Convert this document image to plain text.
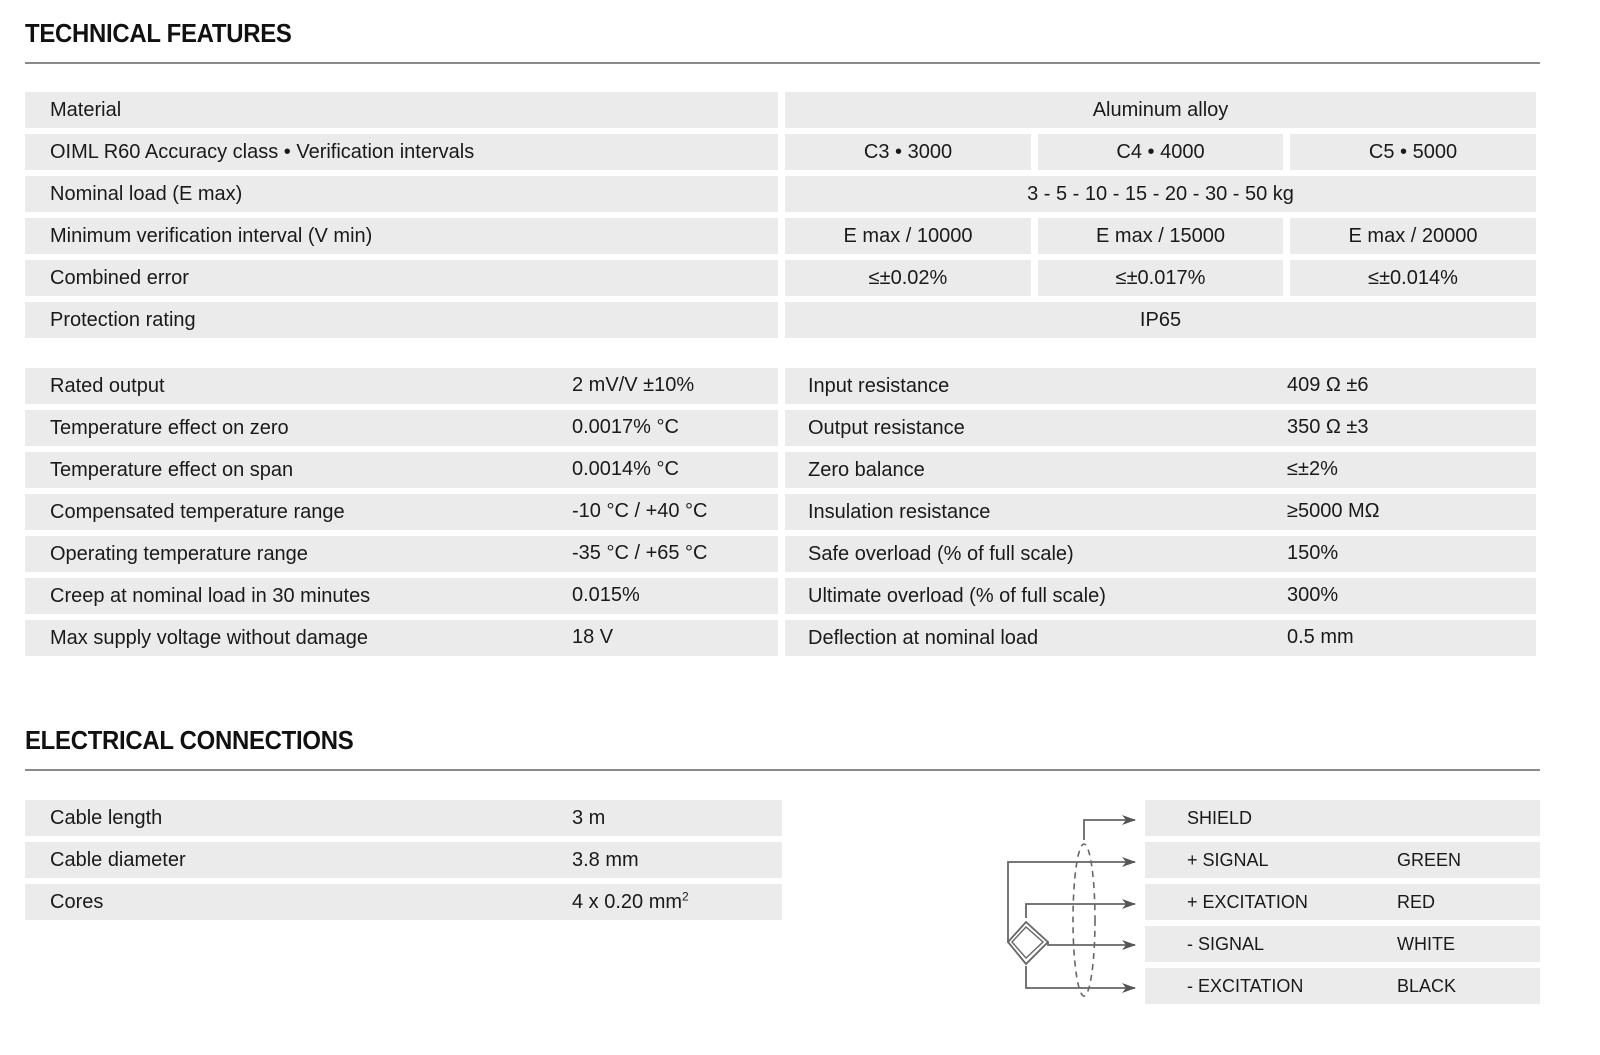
TECHNICAL FEATURES
Material	Aluminum alloy
OIML R60 Accuracy class • Verification intervals	C3 • 3000	C4 • 4000	C5 • 5000
Nominal load (E max)	3 - 5 - 10 - 15 - 20 - 30 - 50 kg
Minimum verification interval (V min)	E max / 10000	E max / 15000	E max / 20000
Combined error	≤±0.02%	≤±0.017%	≤±0.014%
Protection rating	IP65
Rated output	2 mV/V ±10%	Input resistance	409 Ω ±6
Temperature effect on zero	0.0017% °C	Output resistance	350 Ω ±3
Temperature effect on span	0.0014% °C	Zero balance	≤±2%
Compensated temperature range	-10 °C / +40 °C	Insulation resistance	≥5000 MΩ
Operating temperature range	-35 °C / +65 °C	Safe overload (% of full scale)	150%
Creep at nominal load in 30 minutes	0.015%	Ultimate overload (% of full scale)	300%
Max supply voltage without damage	18 V	Deflection at nominal load	0.5 mm
ELECTRICAL CONNECTIONS
Cable length	3 m
Cable diameter	3.8 mm
Cores	4 x 0.20 $mm^2$
SHIELD
+ SIGNAL	GREEN
+ EXCITATION	RED
- SIGNAL	WHITE
- EXCITATION	BLACK
